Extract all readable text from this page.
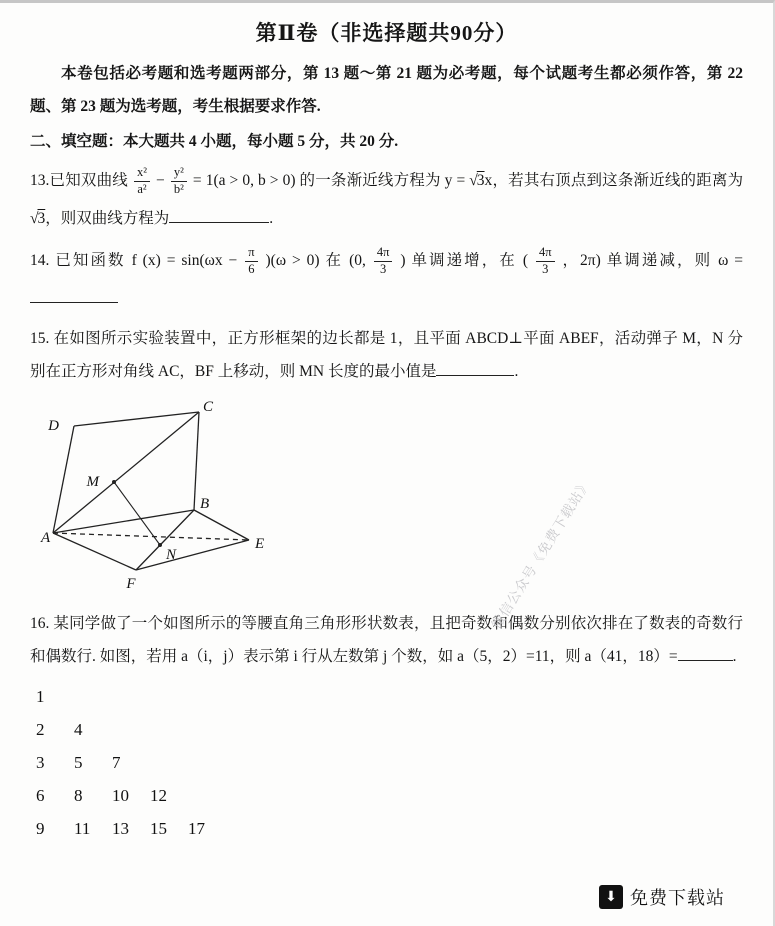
第Ⅱ卷（非选择题共90分）

本卷包括必考题和选考题两部分，第 13 题～第 21 题为必考题，每个试题考生都必须作答，第 22 题、第 23 题为选考题，考生根据要求作答.

二、填空题：本大题共 4 小题，每小题 5 分，共 20 分.

13.已知双曲线 $\frac{\text{x²}}{\text{a²}} - \frac{\text{y²}}{\text{b²}} = 1(a > 0$, b > 0) 的一条渐近线方程为 y = √3x，若其右顶点到这条渐近线的距离为 √3，则双曲线方程为	.

14. 已知函数 f $(x) = \sin(\omega x - \frac{\pi}{6} )(\omega > 0)$ 在 (0, $\frac{4\pi}{3}$ ) 单调递增，在 ( $\frac{4\pi}{3}$ ，2π) 单调递减，则 ω =

15. 在如图所示实验装置中，正方形框架的边长都是 1，且平面 ABCD⊥平面 ABEF，活动弹子 M，N 分别在正方形对角线 AC，BF 上移动，则 MN 长度的最小值是	.

D
C
M
B
A
N
E
F

16. 某同学做了一个如图所示的等腰直角三角形形状数表，且把奇数和偶数分别依次排在了数表的奇数行和偶数行. 如图，若用 a（i，j）表示第 i 行从左数第 j 个数，如 a（5，2）=11，则 a（41，18）=	.

1
2 4
3 5 7
6 8 10 12
9 11 13 15 17
微信公众号《免费下载站》
⬇ 免费下载站
